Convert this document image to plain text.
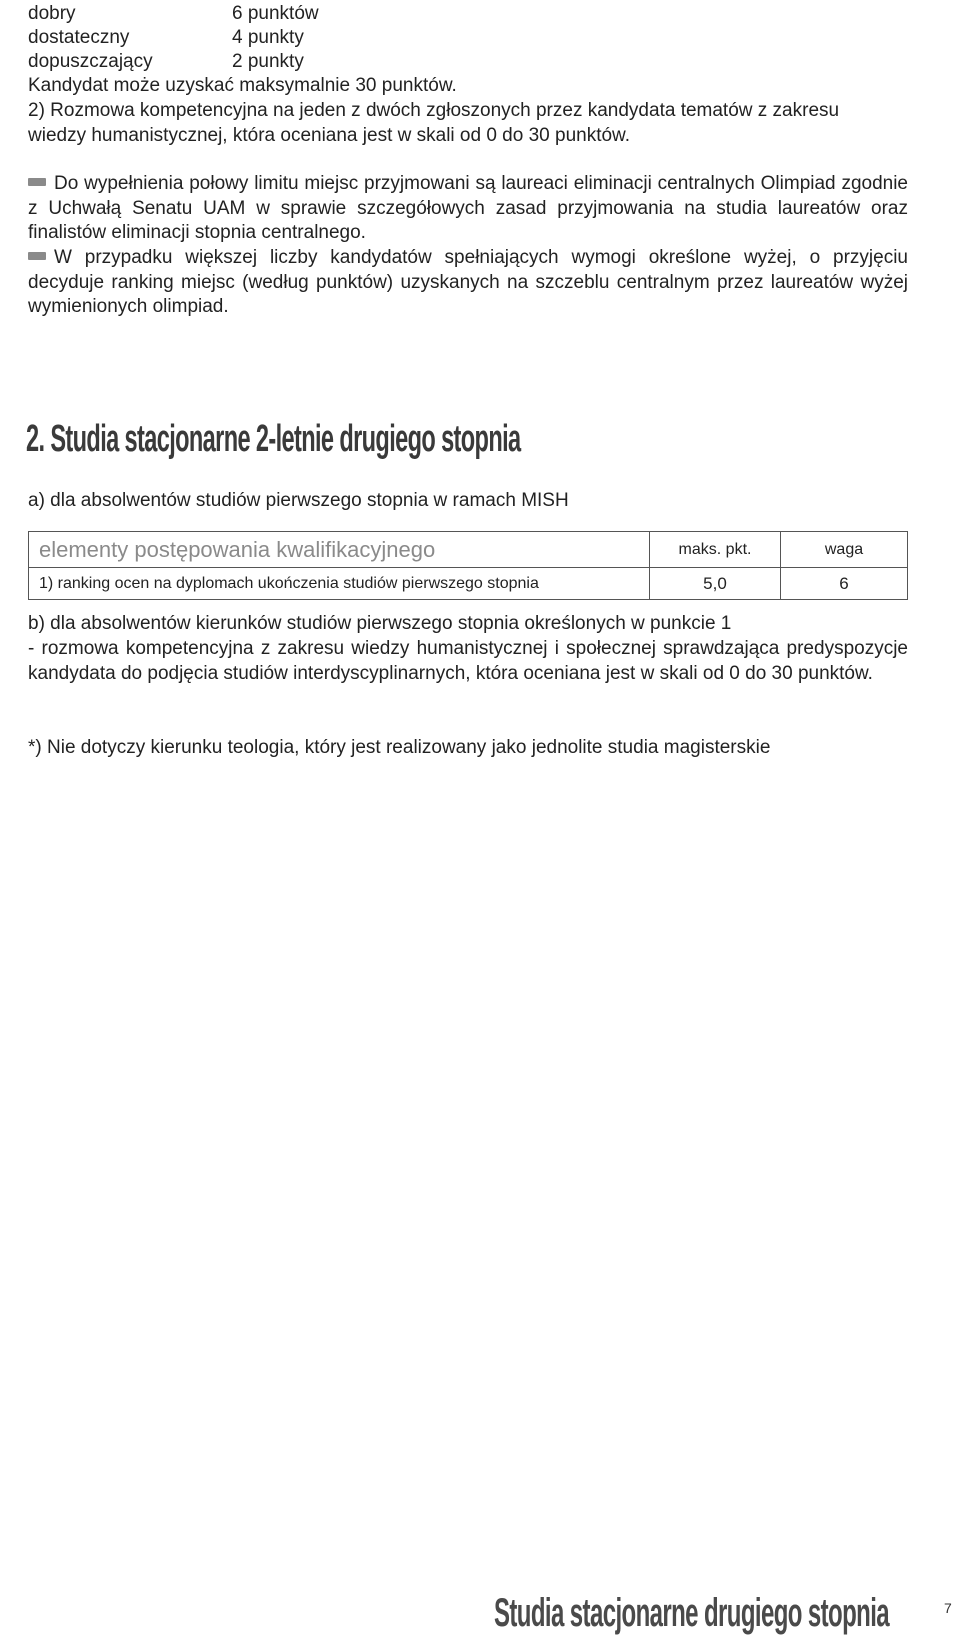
dobry	6 punktów
dostateczny	4 punkty
dopuszczający	2 punkty
Kandydat może uzyskać maksymalnie 30 punktów.
2) Rozmowa kompetencyjna na jeden z dwóch zgłoszonych przez kandydata tematów z zakresu
wiedzy humanistycznej, która oceniana jest w skali od 0 do 30 punktów.
Do wypełnienia połowy limitu miejsc przyjmowani są laureaci eliminacji centralnych Olimpiad zgodnie z Uchwałą Senatu UAM w sprawie szczegółowych zasad przyjmowania na studia laureatów oraz finalistów eliminacji stopnia centralnego.
W przypadku większej liczby kandydatów spełniających wymogi określone wyżej, o przyjęciu decyduje ranking miejsc (według punktów) uzyskanych na szczeblu centralnym przez laureatów wyżej wymienionych olimpiad.
2. Studia stacjonarne 2-letnie drugiego stopnia
a) dla absolwentów studiów pierwszego stopnia w ramach MISH
elementy postępowania kwalifikacyjnego	maks. pkt.	waga
1) ranking ocen na dyplomach ukończenia studiów pierwszego stopnia	5,0	6
b) dla absolwentów kierunków studiów pierwszego stopnia określonych w punkcie 1
- rozmowa kompetencyjna z zakresu wiedzy humanistycznej i społecznej sprawdzająca predyspozycje kandydata do podjęcia studiów interdyscyplinarnych, która oceniana jest w skali od 0 do 30 punktów.
*) Nie dotyczy kierunku teologia, który jest realizowany jako jednolite studia magisterskie
Studia stacjonarne drugiego stopnia	7
